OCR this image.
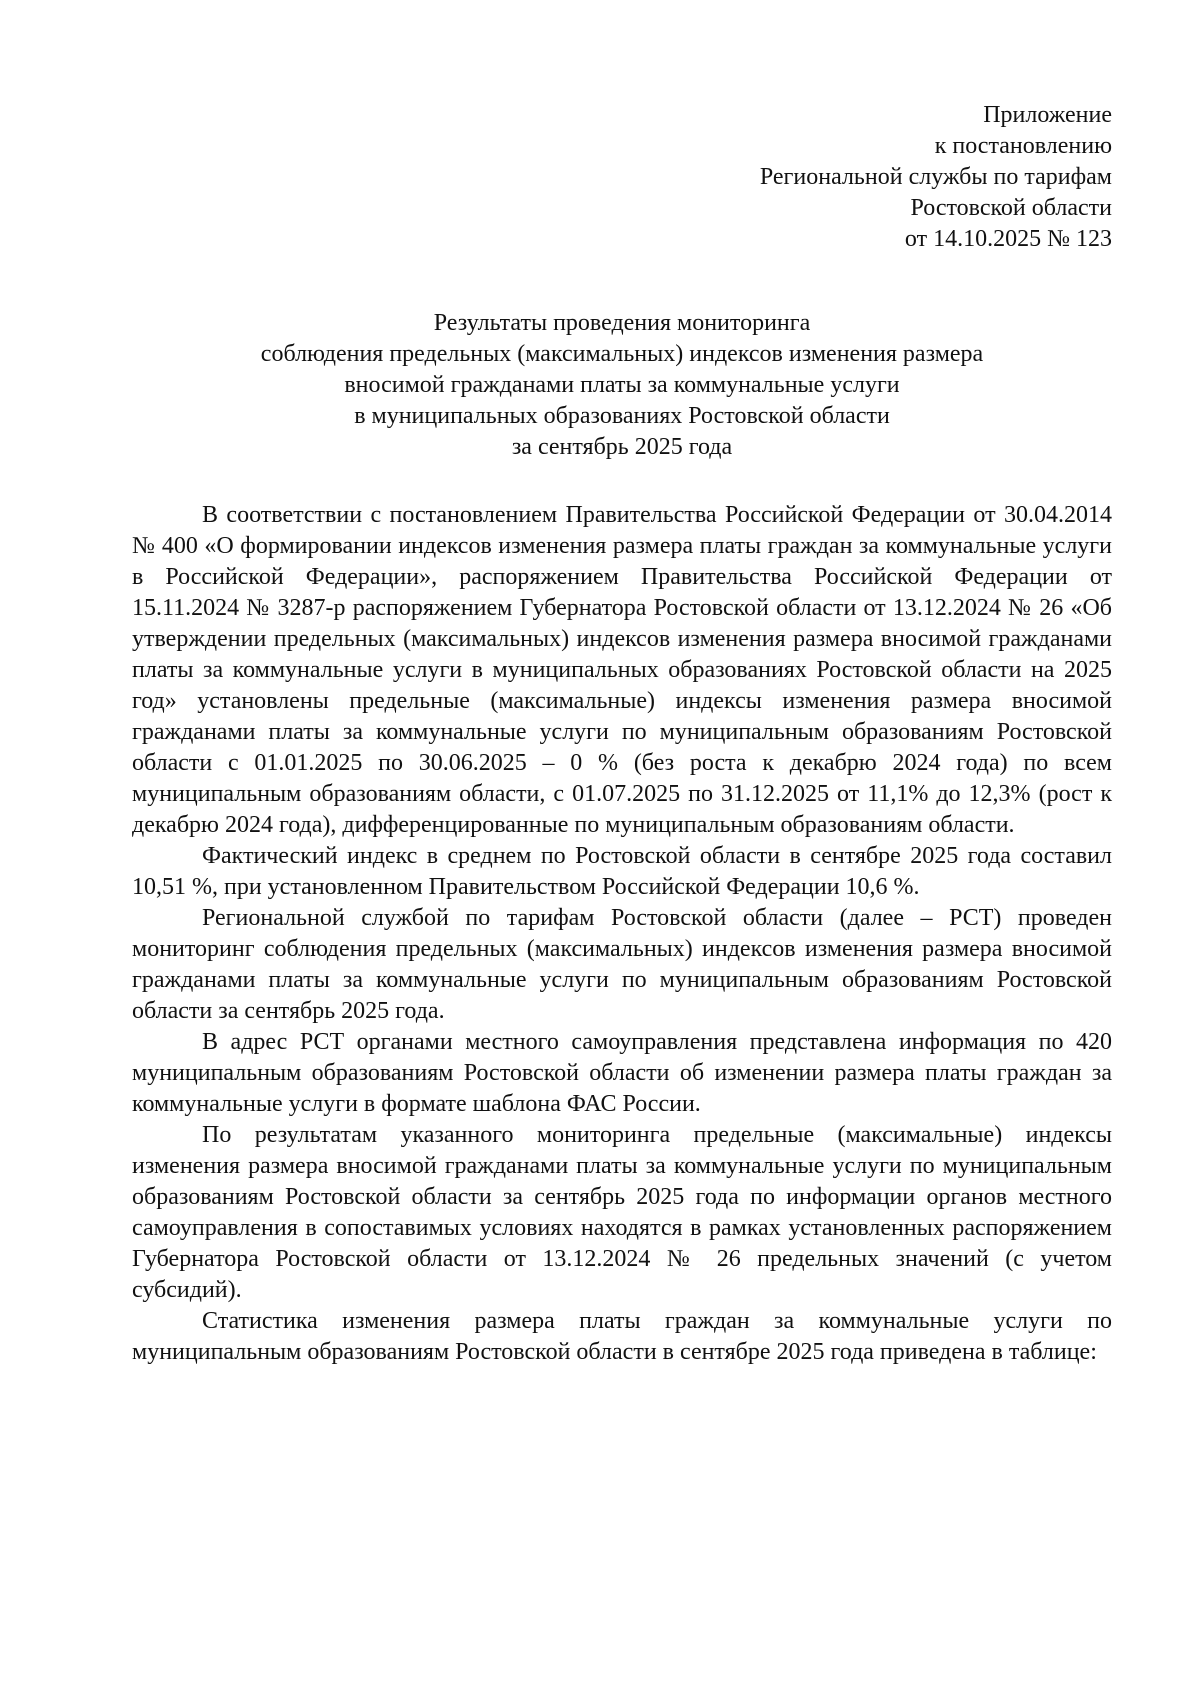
Приложение
к постановлению
Региональной службы по тарифам
Ростовской области
от 14.10.2025 № 123
Результаты проведения мониторинга
соблюдения предельных (максимальных) индексов изменения размера
вносимой гражданами платы за коммунальные услуги
в муниципальных образованиях Ростовской области
за сентябрь 2025 года

В соответствии с постановлением Правительства Российской Федерации от 30.04.2014 № 400 «О формировании индексов изменения размера платы граждан за коммунальные услуги в Российской Федерации», распоряжением Правительства Российской Федерации от 15.11.2024 № 3287-р распоряжением Губернатора Ростовской области от 13.12.2024 № 26 «Об утверждении предельных (максимальных) индексов изменения размера вносимой гражданами платы за коммунальные услуги в муниципальных образованиях Ростовской области на 2025 год» установлены предельные (максимальные) индексы изменения размера вносимой гражданами платы за коммунальные услуги по муниципальным образованиям Ростовской области с 01.01.2025 по 30.06.2025 – 0 % (без роста к декабрю 2024 года) по всем муниципальным образованиям области, с 01.07.2025 по 31.12.2025 от 11,1% до 12,3% (рост к декабрю 2024 года), дифференцированные по муниципальным образованиям области.

Фактический индекс в среднем по Ростовской области в сентябре 2025 года составил 10,51 %, при установленном Правительством Российской Федерации 10,6 %.

Региональной службой по тарифам Ростовской области (далее – РСТ) проведен мониторинг соблюдения предельных (максимальных) индексов изменения размера вносимой гражданами платы за коммунальные услуги по муниципальным образованиям Ростовской области за сентябрь 2025 года.

В адрес РСТ органами местного самоуправления представлена информация по 420 муниципальным образованиям Ростовской области об изменении размера платы граждан за коммунальные услуги в формате шаблона ФАС России.

По результатам указанного мониторинга предельные (максимальные) индексы изменения размера вносимой гражданами платы за коммунальные услуги по муниципальным образованиям Ростовской области за сентябрь 2025 года по информации органов местного самоуправления в сопоставимых условиях находятся в рамках установленных распоряжением Губернатора Ростовской области от 13.12.2024 № 26 предельных значений (с учетом субсидий).

Статистика изменения размера платы граждан за коммунальные услуги по муниципальным образованиям Ростовской области в сентябре 2025 года приведена в таблице:
